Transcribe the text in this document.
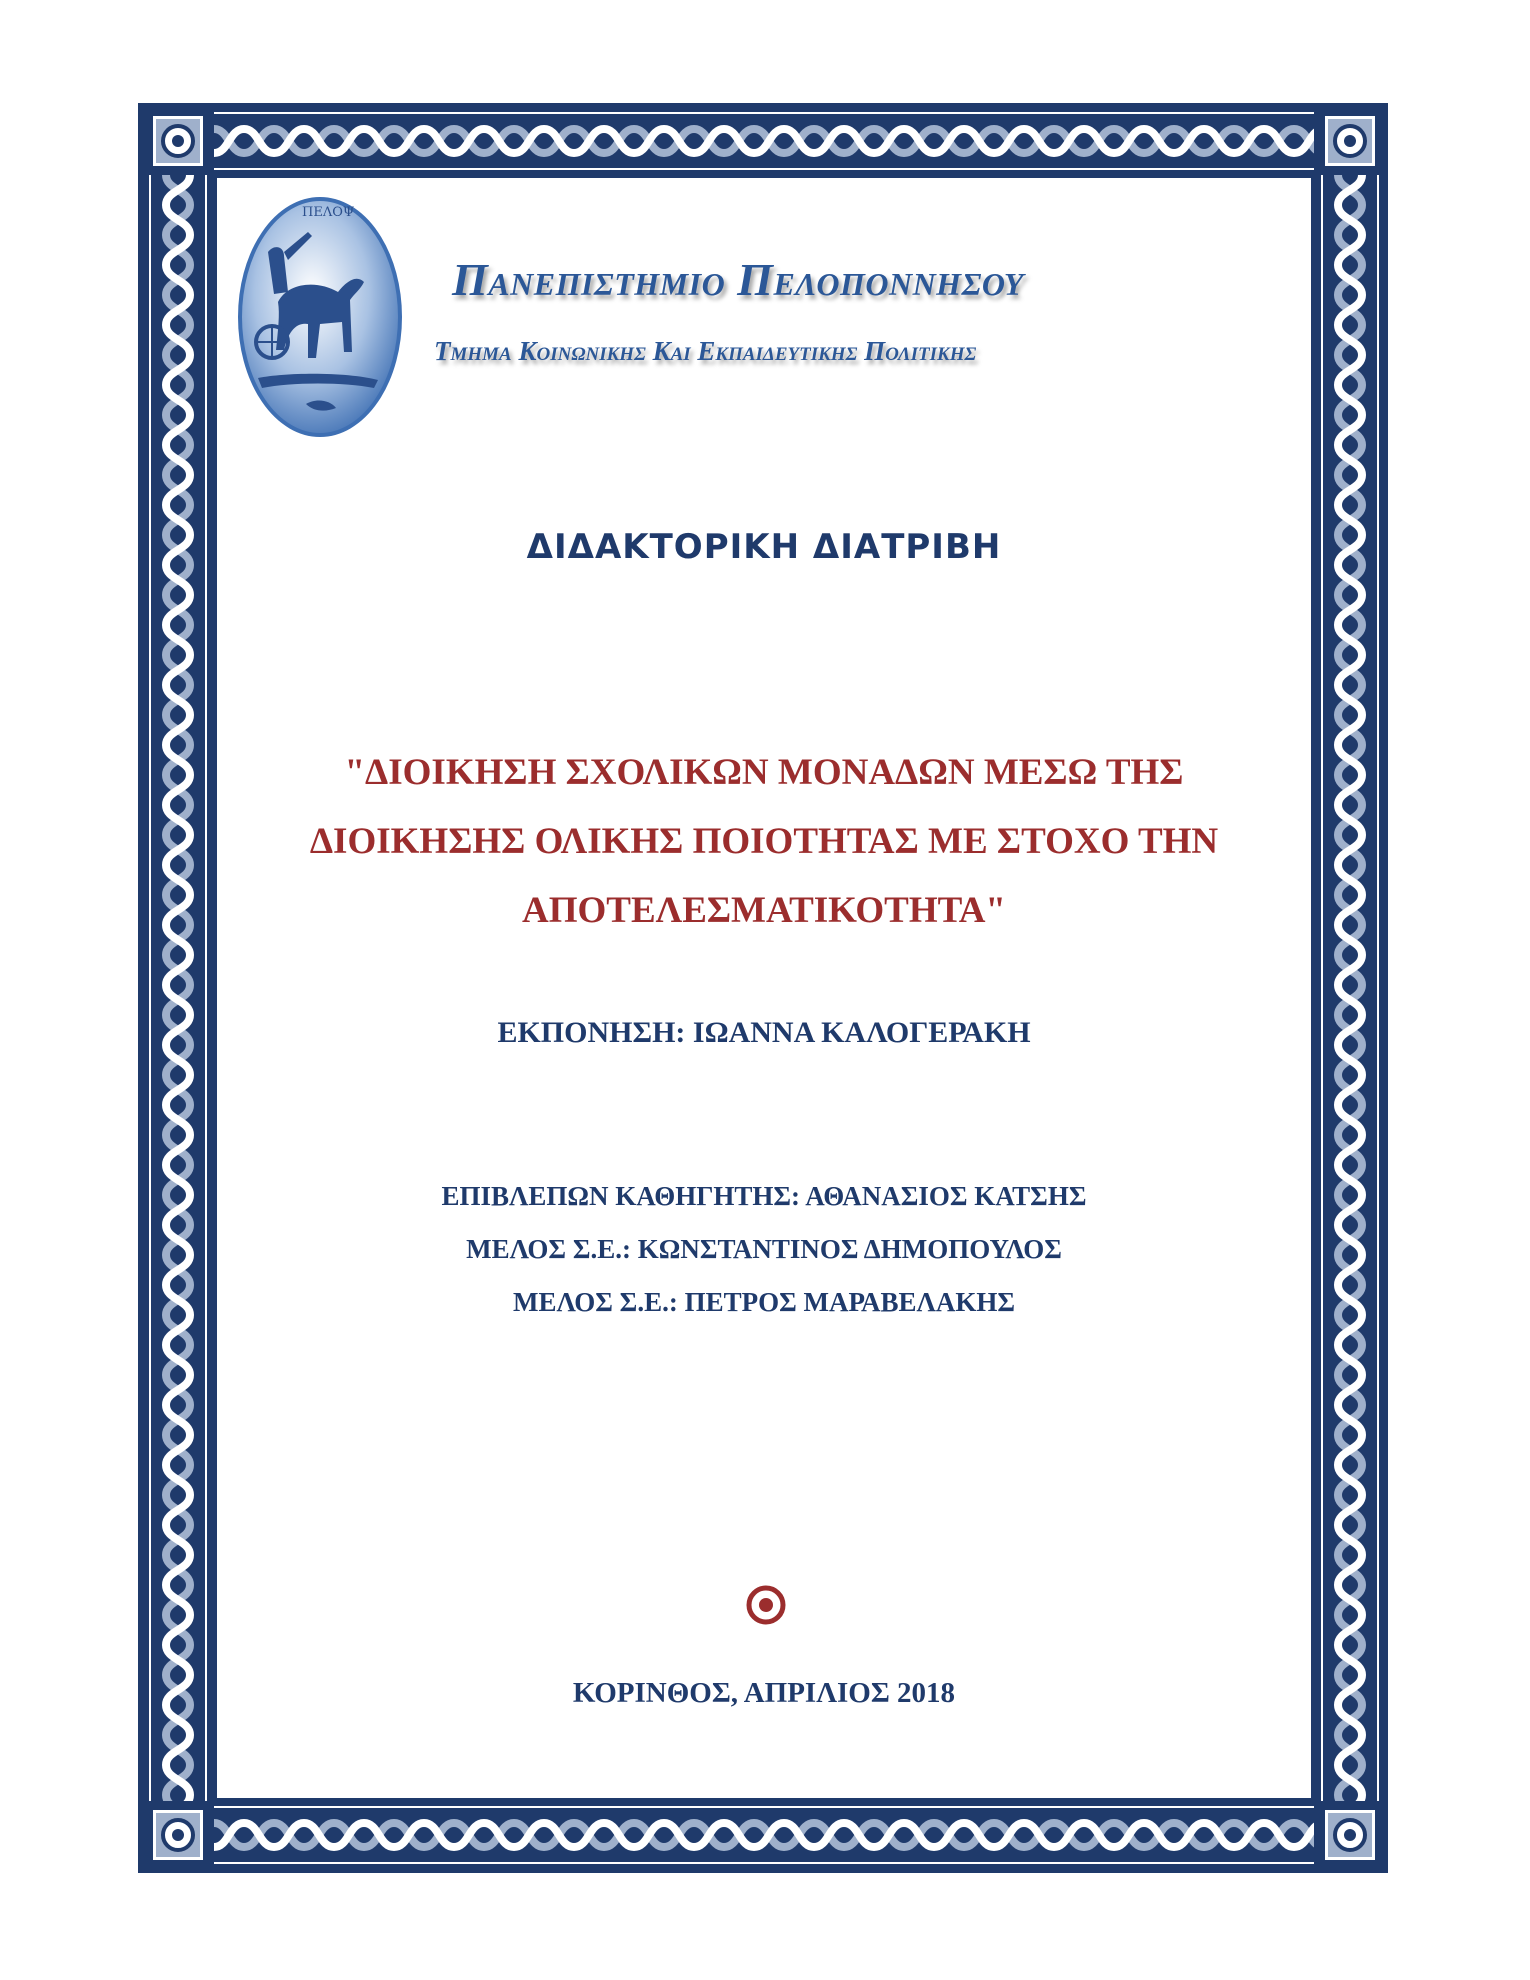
ΠΕΛΟΨ
Πανεπιστημιο Πελοποννησου
Τμημα Κοινωνικησ Και Εκπαιδευτικησ Πολιτικησ
ΔΙΔΑΚΤΟΡΙΚΗ ΔΙΑΤΡΙΒΗ
"ΔΙΟΙΚΗΣΗ ΣΧΟΛΙΚΩΝ ΜΟΝΑΔΩΝ ΜΕΣΩ ΤΗΣ
ΔΙΟΙΚΗΣΗΣ ΟΛΙΚΗΣ ΠΟΙΟΤΗΤΑΣ ΜΕ ΣΤΟΧΟ ΤΗΝ
ΑΠΟΤΕΛΕΣΜΑΤΙΚΟΤΗΤΑ"
ΕΚΠΟΝΗΣΗ: ΙΩΑΝΝΑ ΚΑΛΟΓΕΡΑΚΗ
ΕΠΙΒΛΕΠΩΝ ΚΑΘΗΓΗΤΗΣ: ΑΘΑΝΑΣΙΟΣ ΚΑΤΣΗΣ
ΜΕΛΟΣ Σ.Ε.: ΚΩΝΣΤΑΝΤΙΝΟΣ ΔΗΜΟΠΟΥΛΟΣ
ΜΕΛΟΣ Σ.Ε.: ΠΕΤΡΟΣ ΜΑΡΑΒΕΛΑΚΗΣ
ΚΟΡΙΝΘΟΣ, ΑΠΡΙΛΙΟΣ 2018
